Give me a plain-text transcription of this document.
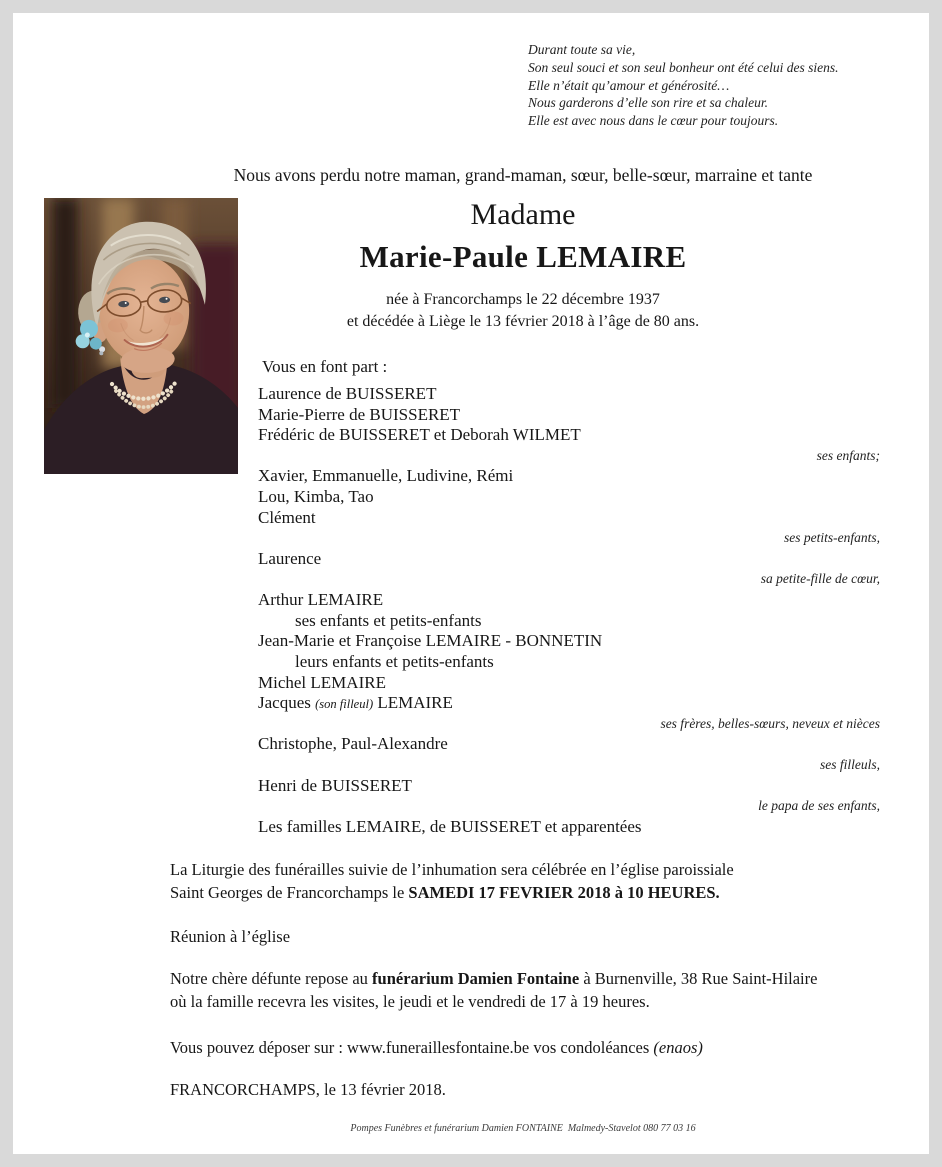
Durant toute sa vie,
Son seul souci et son seul bonheur ont été celui des siens.
Elle n’était qu’amour et générosité…
Nous garderons d’elle son rire et sa chaleur.
Elle est avec nous dans le cœur pour toujours.
Nous avons perdu notre maman, grand-maman, sœur, belle-sœur, marraine et tante
Madame
Marie-Paule LEMAIRE
née à Francorchamps le 22 décembre 1937
et décédée à Liège le 13 février 2018 à l’âge de 80 ans.
Vous en font part :
Laurence de BUISSERET
Marie-Pierre de BUISSERET
Frédéric de BUISSERET et Deborah WILMET
ses enfants;
Xavier, Emmanuelle, Ludivine, Rémi
Lou, Kimba, Tao
Clément
ses petits-enfants,
Laurence
sa petite-fille de cœur,
Arthur LEMAIRE
ses enfants et petits-enfants
Jean-Marie et Françoise LEMAIRE - BONNETIN
leurs enfants et petits-enfants
Michel LEMAIRE
Jacques (son filleul) LEMAIRE
ses frères, belles-sœurs, neveux et nièces
Christophe, Paul-Alexandre
ses filleuls,
Henri de BUISSERET
le papa de ses enfants,
Les familles LEMAIRE, de BUISSERET et apparentées
La Liturgie des funérailles suivie de l’inhumation sera célébrée en l’église paroissiale
Saint Georges de Francorchamps le SAMEDI 17 FEVRIER 2018 à 10 HEURES.
Réunion à l’église
Notre chère défunte repose au funérarium Damien Fontaine à Burnenville, 38 Rue Saint-Hilaire
où la famille recevra les visites, le jeudi et le vendredi de 17 à 19 heures.
Vous pouvez déposer sur : www.funeraillesfontaine.be vos condoléances (enaos)
FRANCORCHAMPS, le 13 février 2018.
Pompes Funèbres et funérarium Damien FONTAINE  Malmedy-Stavelot 080 77 03 16
